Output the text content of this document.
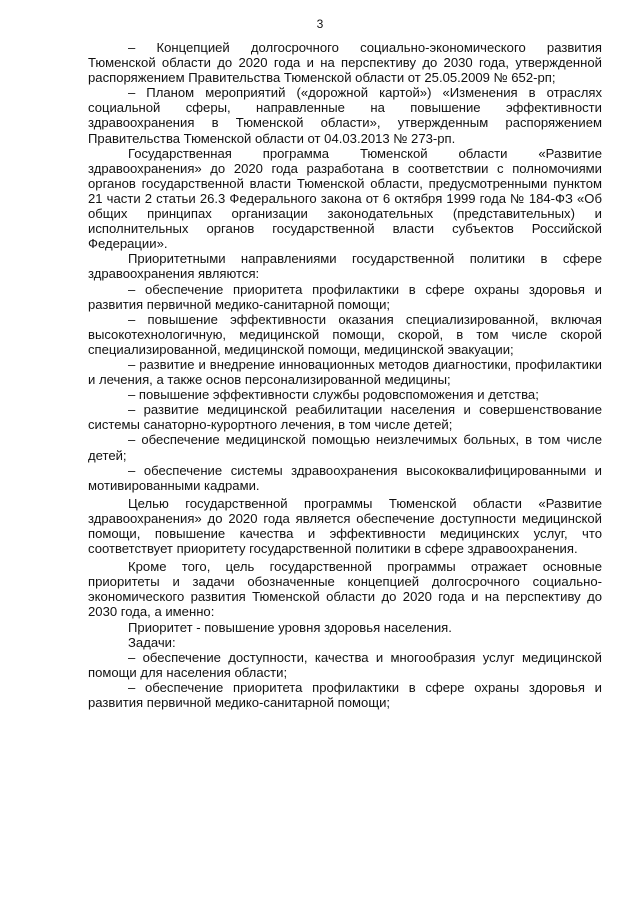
3

– Концепцией долгосрочного социально-экономического развития Тюменской области до 2020 года и на перспективу до 2030 года, утвержденной распоряжением Правительства Тюменской области от 25.05.2009 № 652-рп;

– Планом мероприятий («дорожной картой») «Изменения в отраслях социальной сферы, направленные на повышение эффективности здравоохранения в Тюменской области», утвержденным распоряжением Правительства Тюменской области от 04.03.2013 № 273-рп.

Государственная программа Тюменской области «Развитие здравоохранения» до 2020 года разработана в соответствии с полномочиями органов государственной власти Тюменской области, предусмотренными пунктом 21 части 2 статьи 26.3 Федерального закона от 6 октября 1999 года № 184-ФЗ «Об общих принципах организации законодательных (представительных) и исполнительных органов государственной власти субъектов Российской Федерации».

Приоритетными направлениями государственной политики в сфере здравоохранения являются:

– обеспечение приоритета профилактики в сфере охраны здоровья и развития первичной медико-санитарной помощи;

– повышение эффективности оказания специализированной, включая высокотехнологичную, медицинской помощи, скорой, в том числе скорой специализированной, медицинской помощи, медицинской эвакуации;

– развитие и внедрение инновационных методов диагностики, профилактики и лечения, а также основ персонализированной медицины;

– повышение эффективности службы родовспоможения и детства;

– развитие медицинской реабилитации населения и совершенствование системы санаторно-курортного лечения, в том числе детей;

– обеспечение медицинской помощью неизлечимых больных, в том числе детей;

– обеспечение системы здравоохранения высококвалифицированными и мотивированными кадрами.

Целью государственной программы Тюменской области «Развитие здравоохранения» до 2020 года является обеспечение доступности медицинской помощи, повышение качества и эффективности медицинских услуг, что соответствует приоритету государственной политики в сфере здравоохранения.

Кроме того, цель государственной программы отражает основные приоритеты и задачи обозначенные концепцией долгосрочного социально-экономического развития Тюменской области до 2020 года и на перспективу до 2030 года, а именно:

Приоритет - повышение уровня здоровья населения.

Задачи:

– обеспечение доступности, качества и многообразия услуг медицинской помощи для населения области;

– обеспечение приоритета профилактики в сфере охраны здоровья и развития первичной медико-санитарной помощи;
